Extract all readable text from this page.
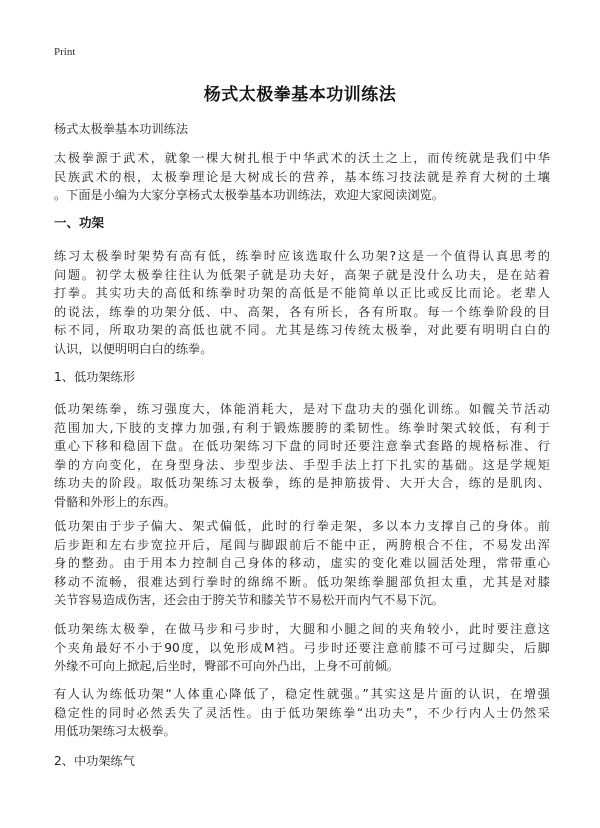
Print
杨式太极拳基本功训练法
杨式太极拳基本功训练法
太极拳源于武术，就象一棵大树扎根于中华武术的沃土之上，而传统就是我们中华
民族武术的根，太极拳理论是大树成长的营养，基本练习技法就是养育大树的土壤
。下面是小编为大家分享杨式太极拳基本功训练法，欢迎大家阅读浏览。
一、功架
练习太极拳时架势有高有低，练拳时应该选取什么功架?这是一个值得认真思考的
问题。初学太极拳往往认为低架子就是功夫好，高架子就是没什么功夫，是在站着
打拳。其实功夫的高低和练拳时功架的高低是不能简单以正比或反比而论。老辈人
的说法，练拳的功架分低、中、高架，各有所长，各有所取。每一个练拳阶段的目
标不同，所取功架的高低也就不同。尤其是练习传统太极拳，对此要有明明白白的
认识，以便明明白白的练拳。
1、低功架练形
低功架练拳，练习强度大，体能消耗大，是对下盘功夫的强化训练。如髋关节活动
范围加大,下肢的支撑力加强,有利于锻炼腰胯的柔韧性。练拳时架式较低，有利于
重心下移和稳固下盘。在低功架练习下盘的同时还要注意拳式套路的规格标准、行
拳的方向变化，在身型身法、步型步法、手型手法上打下扎实的基础。这是学规矩
练功夫的阶段。取低功架练习太极拳，练的是抻筋拔骨、大开大合，练的是肌肉、
骨骼和外形上的东西。
低功架由于步子偏大、架式偏低，此时的行拳走架，多以本力支撑自己的身体。前
后步距和左右步宽拉开后，尾闾与脚跟前后不能中正，两胯根合不住，不易发出浑
身的整劲。由于用本力控制自己身体的移动，虚实的变化难以圆活处理，常带重心
移动不流畅，很难达到行拳时的绵绵不断。低功架练拳腿部负担太重，尤其是对膝
关节容易造成伤害，还会由于胯关节和膝关节不易松开而内气不易下沉。
低功架练太极拳，在做马步和弓步时，大腿和小腿之间的夹角较小，此时要注意这
个夹角最好不小于90度，以免形成M裆。弓步时还要注意前膝不可弓过脚尖，后脚
外缘不可向上掀起,后坐时，臀部不可向外凸出，上身不可前倾。
有人认为练低功架“人体重心降低了，稳定性就强。”其实这是片面的认识，在增强
稳定性的同时必然丢失了灵活性。由于低功架练拳“出功夫”，不少行内人士仍然采
用低功架练习太极拳。
2、中功架练气
